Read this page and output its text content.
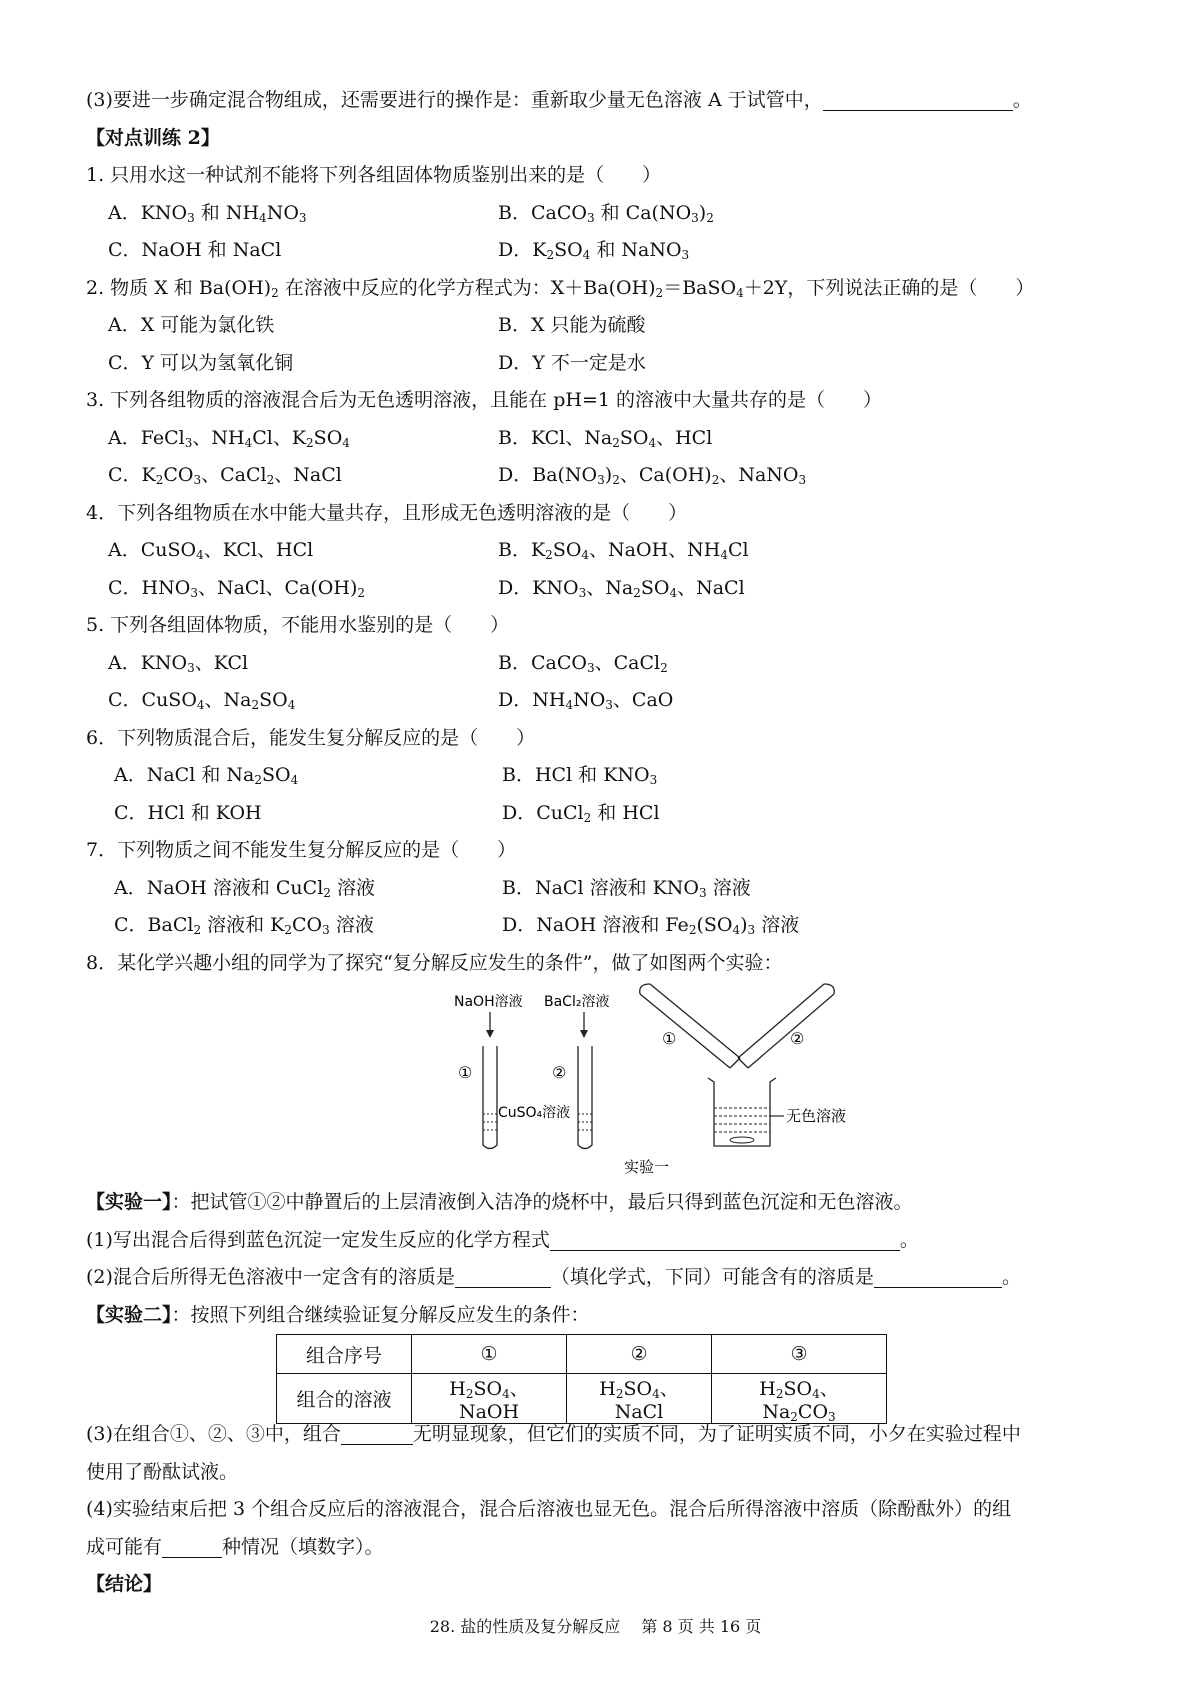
(3)要进一步确定混合物组成，还需要进行的操作是：重新取少量无色溶液 A 于试管中，	。
【对点训练 2】
1. 只用水这一种试剂不能将下列各组固体物质鉴别出来的是（　　）
A．$KNO_3$ 和 $NH_4NO_3$	B．CaCO$_3$ 和 $Ca(NO_3)_2$
C．NaOH 和 NaCl	D．$K_2SO_4$ 和 NaNO$_3$
2. 物质 X 和 $Ba(OH)_2$ 在溶液中反应的化学方程式为：$X+Ba(OH)_2=BaSO_4+2Y$，下列说法正确的是（　　）
A．X 可能为氯化铁	B．X 只能为硫酸
C．Y 可以为氢氧化铜	D．Y 不一定是水
3. 下列各组物质的溶液混合后为无色透明溶液，且能在 pH=1 的溶液中大量共存的是（　　）
A．FeCl$_3$、$NH_4Cl$、$K_2SO_4$	B．KCl、$Na_2SO_4$、HCl
C．$K_2CO_3$、CaCl$_2$、NaCl	D．$Ba(NO_3)_2$、$Ca(OH)_2$、NaNO$_3$
4．下列各组物质在水中能大量共存，且形成无色透明溶液的是（　　）
A．CuSO$_4$、KCl、HCl	B．$K_2SO_4$、NaOH、$NH_4Cl$
C．$HNO_3$、NaCl、$Ca(OH)_2$	D．$KNO_3$、$Na_2SO_4$、NaCl
5. 下列各组固体物质，不能用水鉴别的是（　　）
A．$KNO_3$、KCl	B．CaCO$_3$、CaCl$_2$
C．CuSO$_4$、$Na_2SO_4$	D．$NH_4NO_3$、CaO
6．下列物质混合后，能发生复分解反应的是（　　）
A．NaCl 和 $Na_2SO_4$	B．HCl 和 $KNO_3$
C．HCl 和 KOH	D．CuCl$_2$ 和 HCl
7．下列物质之间不能发生复分解反应的是（　　）
A．NaOH 溶液和 CuCl$_2$ 溶液	B．NaCl 溶液和 $KNO_3$ 溶液
C．BaCl$_2$ 溶液和 $K_2CO_3$ 溶液	D．NaOH 溶液和 $Fe_2(SO_4)_3$ 溶液
8．某化学兴趣小组的同学为了探究“复分解反应发生的条件”，做了如图两个实验：
NaOH溶液
①
BaCl₂溶液
②
CuSO₄溶液
①	②
无色溶液
实验一
【实验一】：把试管①②中静置后的上层清液倒入洁净的烧杯中，最后只得到蓝色沉淀和无色溶液。
(1)写出混合后得到蓝色沉淀一定发生反应的化学方程式	。
(2)混合后所得无色溶液中一定含有的溶质是	（填化学式，下同）可能含有的溶质是	。
【实验二】：按照下列组合继续验证复分解反应发生的条件：
组合序号	①	②	③
组合的溶液	$H_2SO_4$、NaOH	$H_2SO_4$、NaCl	$H_2SO_4$、$Na_2CO_3$
(3)在组合①、②、③中，组合	无明显现象，但它们的实质不同，为了证明实质不同，小夕在实验过程中
使用了酚酞试液。
(4)实验结束后把 3 个组合反应后的溶液混合，混合后溶液也显无色。混合后所得溶液中溶质（除酚酞外）的组
成可能有	种情况（填数字）。
【结论】
28. 盐的性质及复分解反应　 第 8 页 共 16 页
